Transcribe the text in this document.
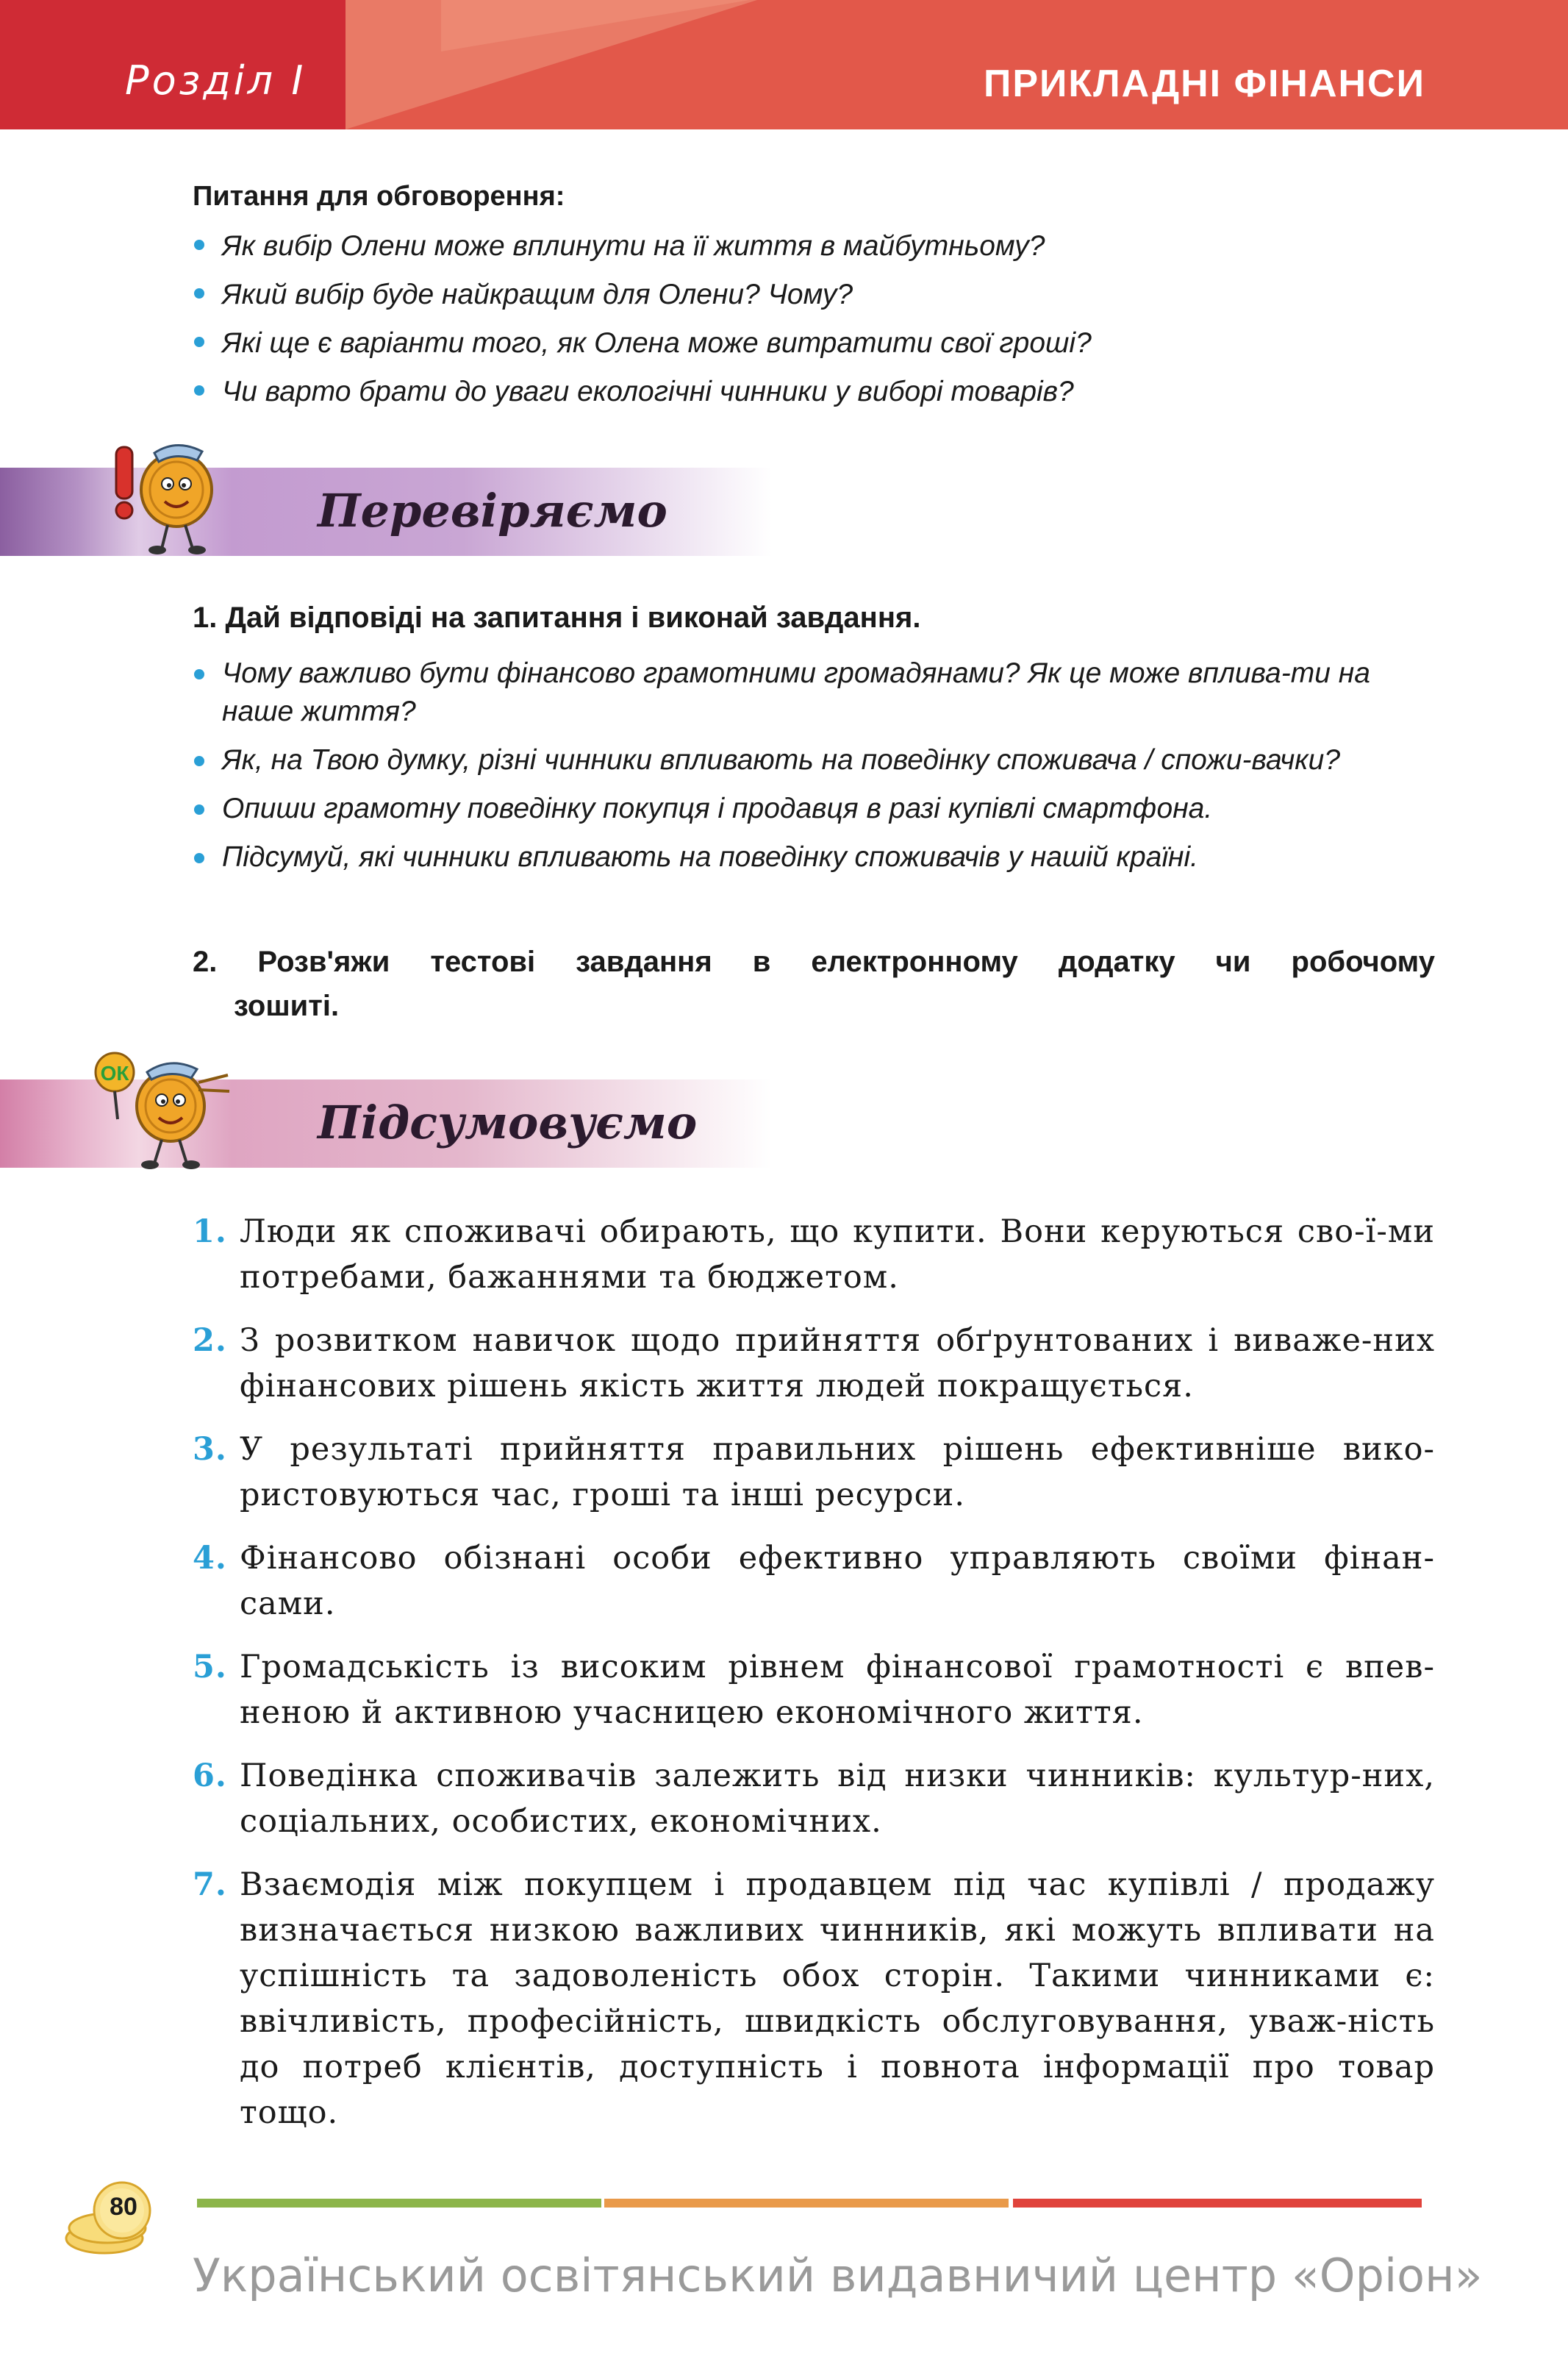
Розділ І	ПРИКЛАДНІ ФІНАНСИ
Питання для обговорення:
Як вибір Олени може вплинути на її життя в майбутньому?
Який вибір буде найкращим для Олени? Чому?
Які ще є варіанти того, як Олена може витратити свої гроші?
Чи варто брати до уваги екологічні чинники у виборі товарів?
Перевіряємо
1. Дай відповіді на запитання і виконай завдання.
Чому важливо бути фінансово грамотними громадянами? Як це може вплива-ти на наше життя?
Як, на Твою думку, різні чинники впливають на поведінку споживача / спожи-вачки?
Опиши грамотну поведінку покупця і продавця в разі купівлі смартфона.
Підсумуй, які чинники впливають на поведінку споживачів у нашій країні.
2. Розв'яжи тестові завдання в електронному додатку чи робочому
зошиті.
Підсумовуємо
ОК
1. Люди як споживачі обирають, що купити. Вони керуються сво-ї-ми потребами, бажаннями та бюджетом.
2. З розвитком навичок щодо прийняття обґрунтованих і виваже-них фінансових рішень якість життя людей покращується.
3. У результаті прийняття правильних рішень ефективніше вико-ристовуються час, гроші та інші ресурси.
4. Фінансово обізнані особи ефективно управляють своїми фінан-сами.
5. Громадськість із високим рівнем фінансової грамотності є впев-неною й активною учасницею економічного життя.
6. Поведінка споживачів залежить від низки чинників: культур-них, соціальних, особистих, економічних.
7. Взаємодія між покупцем і продавцем під час купівлі / продажу визначається низкою важливих чинників, які можуть впливати на успішність та задоволеність обох сторін. Такими чинниками є: ввічливість, професійність, швидкість обслуговування, уваж-ність до потреб клієнтів, доступність і повнота інформації про товар тощо.
80
Український освітянський видавничий центр «Оріон»
